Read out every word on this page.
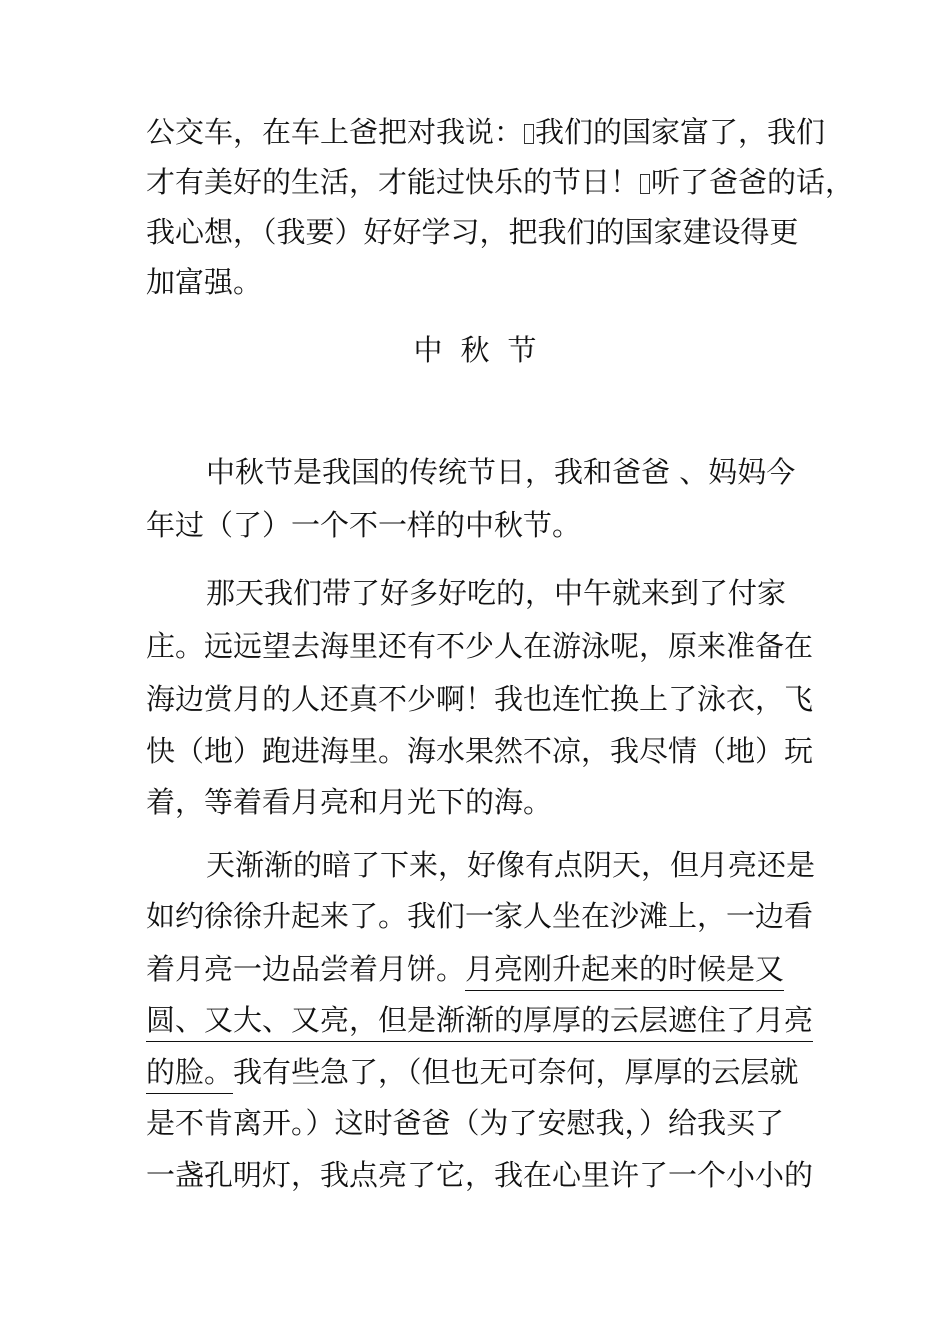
公交车，在车上爸把对我说： 我们的国家富了，我们
才有美好的生活，才能过快乐的节日！ 听了爸爸的话，
我心想，（我要）好好学习，把我们的国家建设得更
加富强。
中秋节
中秋节是我国的传统节日，我和爸爸 、妈妈今
年过（了）一个不一样的中秋节。
那天我们带了好多好吃的，中午就来到了付家
庄。远远望去海里还有不少人在游泳呢，原来准备在
海边赏月的人还真不少啊！我也连忙换上了泳衣，飞
快（地）跑进海里。海水果然不凉，我尽情（地）玩
着，等着看月亮和月光下的海。
天渐渐的暗了下来，好像有点阴天，但月亮还是
如约徐徐升起来了。我们一家人坐在沙滩上，一边看
着月亮一边品尝着月饼。月亮刚升起来的时候是又
圆、又大、又亮，但是渐渐的厚厚的云层遮住了月亮
的脸。我有些急了，（但也无可奈何，厚厚的云层就
是不肯离开。）这时爸爸（为了安慰我，）给我买了
一盏孔明灯，我点亮了它，我在心里许了一个小小的
